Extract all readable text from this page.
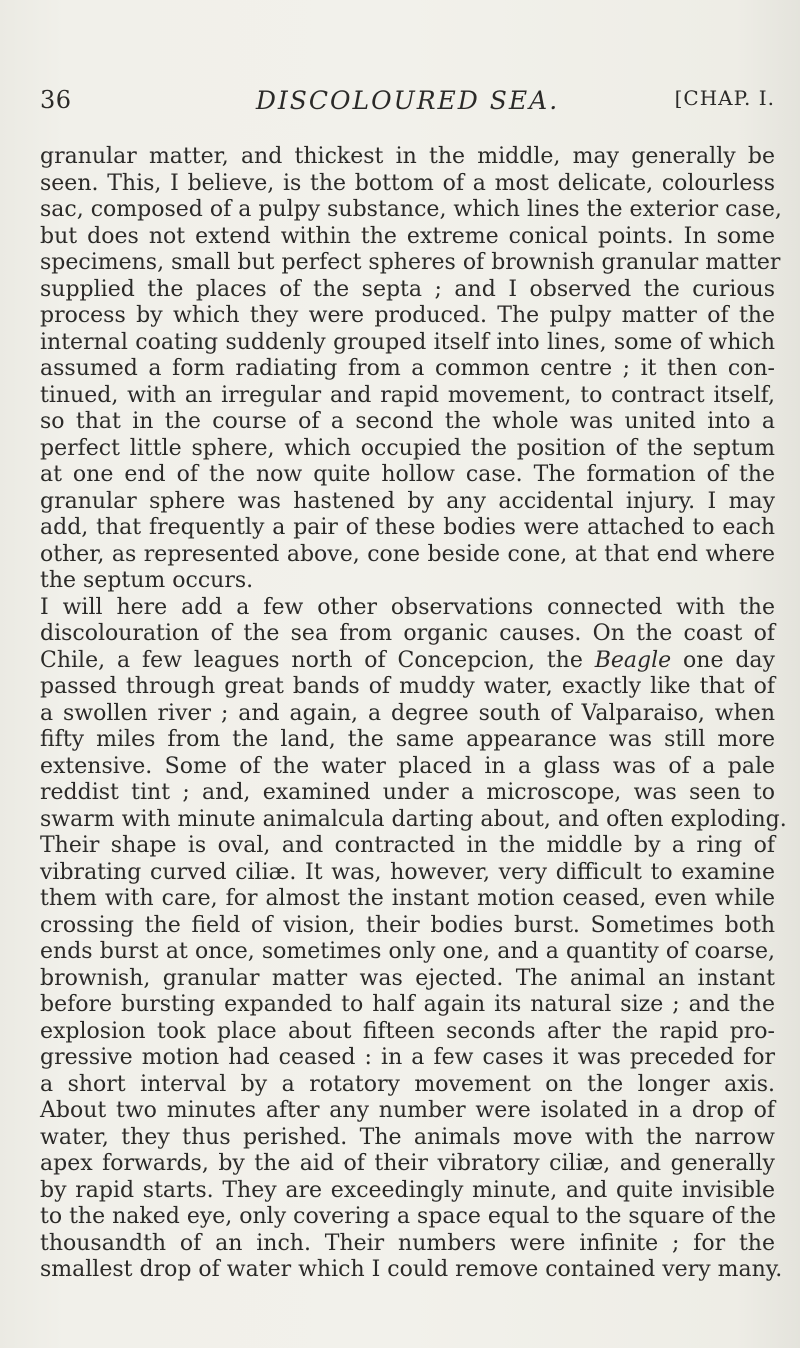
36	DISCOLOURED SEA.	[CHAP. I.
granular matter, and thickest in the middle, may generally be
seen. This, I believe, is the bottom of a most delicate, colourless
sac, composed of a pulpy substance, which lines the exterior case,
but does not extend within the extreme conical points. In some
specimens, small but perfect spheres of brownish granular matter
supplied the places of the septa ; and I observed the curious
process by which they were produced. The pulpy matter of the
internal coating suddenly grouped itself into lines, some of which
assumed a form radiating from a common centre ; it then con-
tinued, with an irregular and rapid movement, to contract itself,
so that in the course of a second the whole was united into a
perfect little sphere, which occupied the position of the septum
at one end of the now quite hollow case. The formation of the
granular sphere was hastened by any accidental injury. I may
add, that frequently a pair of these bodies were attached to each
other, as represented above, cone beside cone, at that end where
the septum occurs.
I will here add a few other observations connected with the
discolouration of the sea from organic causes. On the coast of
Chile, a few leagues north of Concepcion, the Beagle one day
passed through great bands of muddy water, exactly like that of
a swollen river ; and again, a degree south of Valparaiso, when
fifty miles from the land, the same appearance was still more
extensive. Some of the water placed in a glass was of a pale
reddist tint ; and, examined under a microscope, was seen to
swarm with minute animalcula darting about, and often exploding.
Their shape is oval, and contracted in the middle by a ring of
vibrating curved ciliæ. It was, however, very difficult to examine
them with care, for almost the instant motion ceased, even while
crossing the field of vision, their bodies burst. Sometimes both
ends burst at once, sometimes only one, and a quantity of coarse,
brownish, granular matter was ejected. The animal an instant
before bursting expanded to half again its natural size ; and the
explosion took place about fifteen seconds after the rapid pro-
gressive motion had ceased : in a few cases it was preceded for
a short interval by a rotatory movement on the longer axis.
About two minutes after any number were isolated in a drop of
water, they thus perished. The animals move with the narrow
apex forwards, by the aid of their vibratory ciliæ, and generally
by rapid starts. They are exceedingly minute, and quite invisible
to the naked eye, only covering a space equal to the square of the
thousandth of an inch. Their numbers were infinite ; for the
smallest drop of water which I could remove contained very many.
